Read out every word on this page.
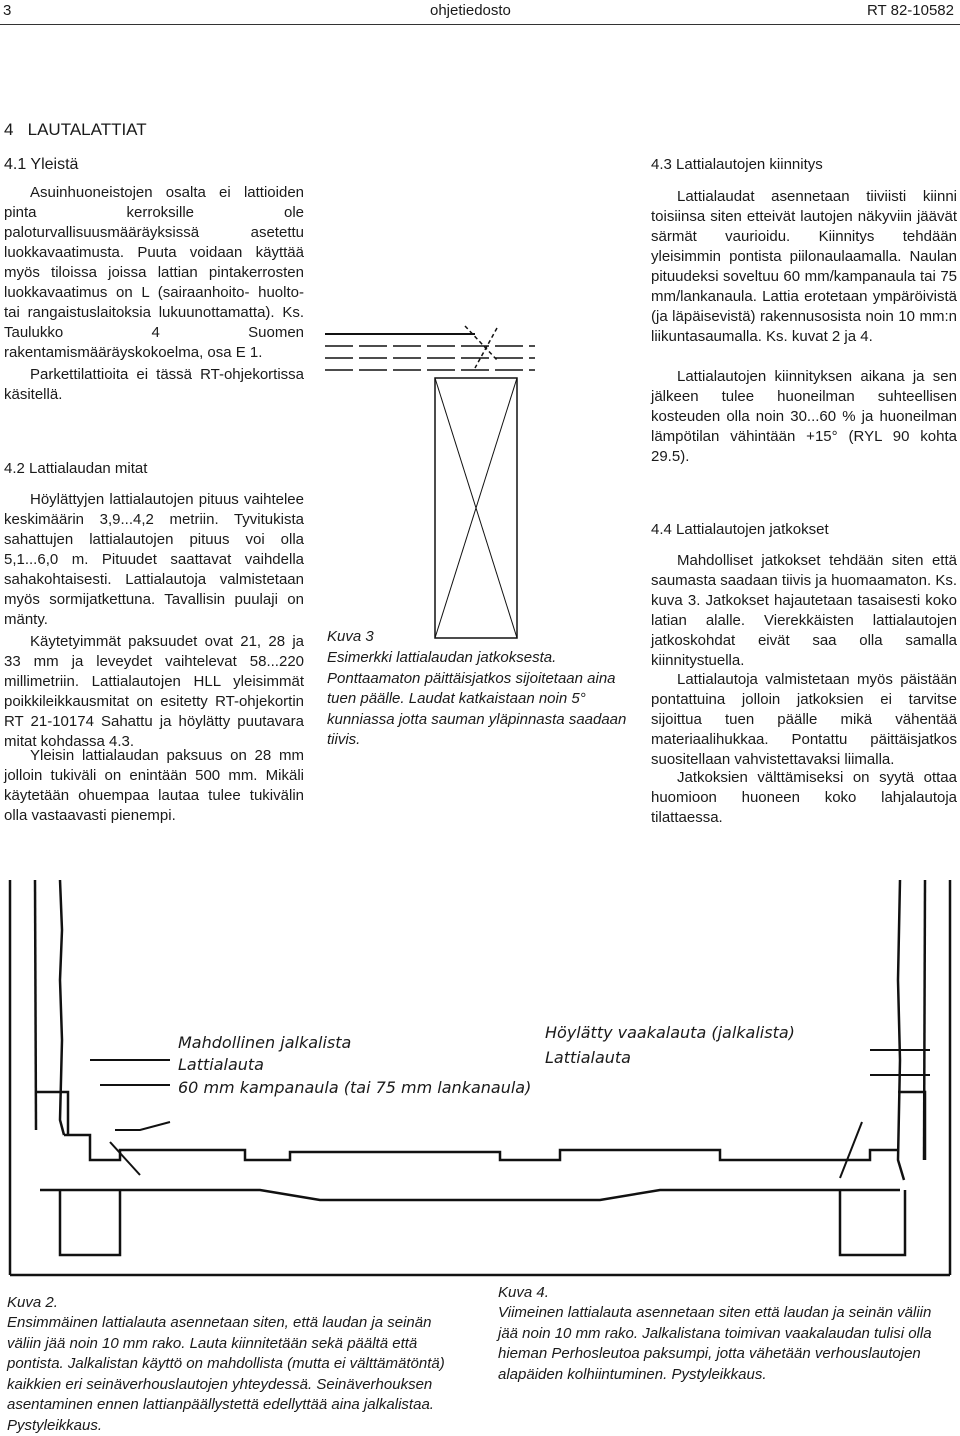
3	ohjetiedosto	RT 82-10582
4   LAUTALATTIAT
4.1 Yleistä
Asuinhuoneistojen osalta ei lattioiden pinta kerroksille ole paloturvallisuusmääräyksissä asetettu luokkavaatimusta. Puuta voidaan käyttää myös tiloissa joissa lattian pintakerrosten luokkavaatimus on L (sairaanhoito- huolto- tai rangaistuslaitoksia lukuunottamatta). Ks. Taulukko 4 Suomen rakentamismääräyskokoelma, osa E 1.
Parkettilattioita ei tässä RT-ohjekortissa käsitellä.
4.2 Lattialaudan mitat
Höylättyjen lattialautojen pituus vaihtelee keskimäärin 3,9...4,2 metriin. Tyvitukista sahattujen lattialautojen pituus voi olla 5,1...6,0 m. Pituudet saattavat vaihdella sahakohtaisesti. Lattialautoja valmistetaan myös sormijatkettuna. Tavallisin puulaji on mänty.
Käytetyimmät paksuudet ovat 21, 28 ja 33 mm ja leveydet vaihtelevat 58...220 millimetriin. Lattialautojen HLL yleisimmät poikkileikkausmitat on esitetty RT-ohjekortin RT 21-10174 Sahattu ja höylätty puutavara mitat kohdassa 4.3.
Yleisin lattialaudan paksuus on 28 mm jolloin tukiväli on enintään 500 mm. Mikäli käytetään ohuempaa lautaa tulee tukivälin olla vastaavasti pienempi.
Kuva 3
Esimerkki lattialaudan jatkoksesta. Ponttaamaton päittäisjatkos sijoitetaan aina tuen päälle. Laudat katkaistaan noin 5° kunniassa jotta sauman yläpinnasta saadaan tiivis.
4.3 Lattialautojen kiinnitys
Lattialaudat asennetaan tiiviisti kiinni toisiinsa siten etteivät lautojen näkyviin jäävät särmät vaurioidu. Kiinnitys tehdään yleisimmin pontista piilonaulaamalla. Naulan pituudeksi soveltuu 60 mm/kampanaula tai 75 mm/lankanaula. Lattia erotetaan ympäröivistä (ja läpäisevistä) rakennusosista noin 10 mm:n liikuntasaumalla. Ks. kuvat 2 ja 4.
Lattialautojen kiinnityksen aikana ja sen jälkeen tulee huoneilman suhteellisen kosteuden olla noin 30...60 % ja huoneilman lämpötilan vähintään +15° (RYL 90 kohta 29.5).
4.4 Lattialautojen jatkokset
Mahdolliset jatkokset tehdään siten että saumasta saadaan tiivis ja huomaamaton. Ks. kuva 3. Jatkokset hajautetaan tasaisesti koko latian alalle. Vierekkäisten lattialautojen jatkoskohdat eivät saa olla samalla kiinnitystuella.
Lattialautoja valmistetaan myös päistään pontattuina jolloin jatkoksien ei tarvitse sijoittua tuen päälle mikä vähentää materiaalihukkaa. Pontattu päittäisjatkos suositellaan vahvistettavaksi liimalla.
Jatkoksien välttämiseksi on syytä ottaa huomioon huoneen koko lahjalautoja tilattaessa.
Mahdollinen jalkalista
Lattialauta
60 mm kampanaula (tai 75 mm lankanaula)
Höylätty vaakalauta (jalkalista)
Lattialauta
Kuva 2.
Ensimmäinen lattialauta asennetaan siten, että laudan ja seinän väliin jää noin 10 mm rako. Lauta kiinnitetään sekä päältä että pontista. Jalkalistan käyttö on mahdollista (mutta ei välttämätöntä) kaikkien eri seinäverhouslautojen yhteydessä. Seinäverhouksen asentaminen ennen lattianpäällystettä edellyttää aina jalkalistaa. Pystyleikkaus.
Kuva 4.
Viimeinen lattialauta asennetaan siten että laudan ja seinän väliin jää noin 10 mm rako. Jalkalistana toimivan vaakalaudan tulisi olla hieman Perhosleutoa paksumpi, jotta vähetään verhouslautojen alapäiden kolhiintuminen. Pystyleikkaus.
